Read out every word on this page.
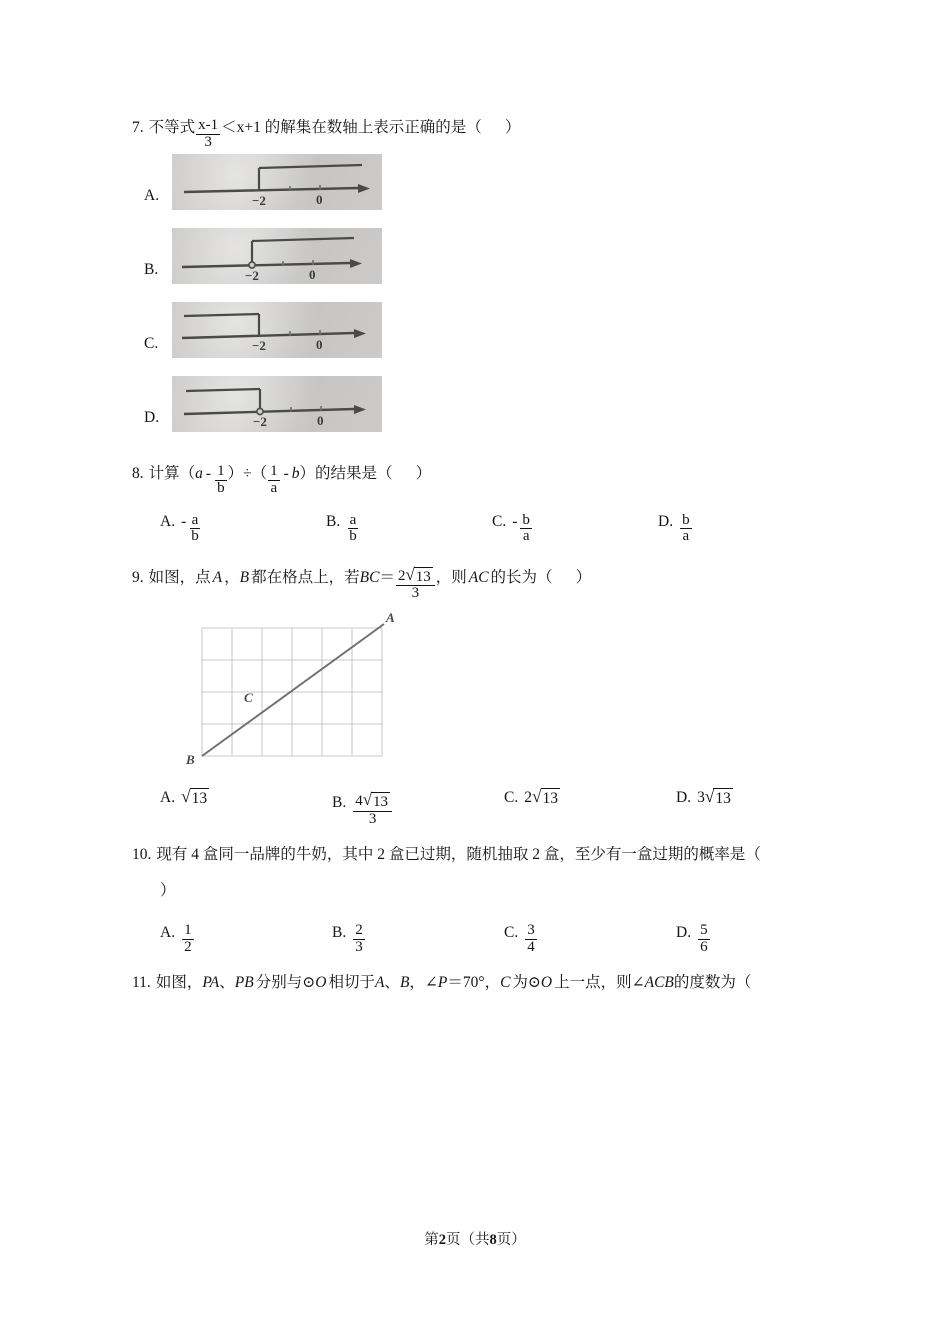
7. 不等式 $\frac{x-1}{3} <x+1$ 的解集在数轴上表示正确的是（      ）
A.	−2	0
B.	−2	0
C.	−2	0
D.	−2	0
8. 计算（ a - $\frac{1}{b}$ ）÷（ $\frac{1}{a}$ - b ）的结果是（      ）
A. - $\frac{a}{b}$	B. $\frac{a}{b}$	C. - $\frac{b}{a}$	D. $\frac{b}{a}$
9. 如图，点 A ， B 都在格点上，若 BC ＝ $\frac{2 √ 13}{3}$ ，则 AC 的长为（      ）
A
B
C
A. √ 13	B. $\frac{4 √ 13}{3}$	C. 2 √ 13	D. 3 √ 13
10. 现有 4 盒同一品牌的牛奶，其中 2 盒已过期，随机抽取 2 盒，至少有一盒过期的概率是（
）
A. $\frac{1}{2}$	B. $\frac{2}{3}$	C. $\frac{3}{4}$	D. $\frac{5}{6}$
11. 如图， PA 、 PB 分别与⊙ O 相切于 A 、 B ，∠ P ＝70°， C 为⊙ O 上一点，则∠ ACB 的度数为（
第2页（共8页）
